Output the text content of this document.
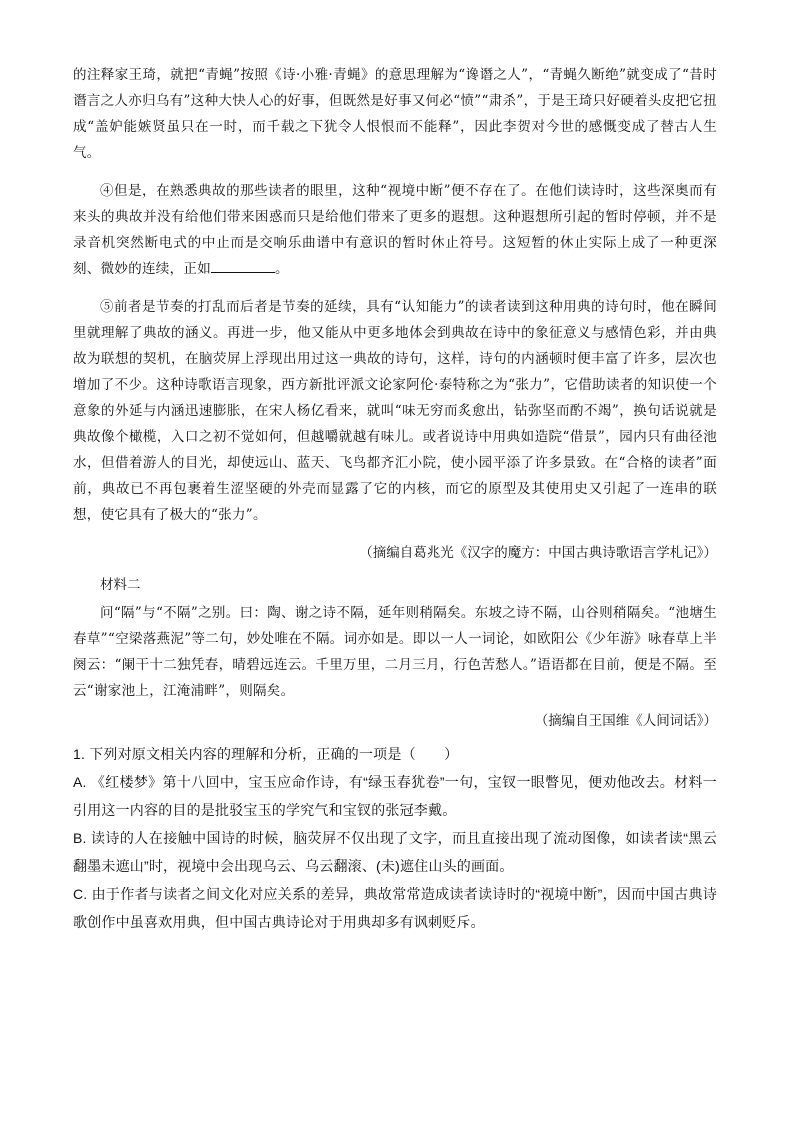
的注释家王琦，就把“青蝇”按照《诗·小雅·青蝇》的意思理解为“谗谮之人”，“青蝇久断绝”就变成了“昔时谮言之人亦归乌有”这种大快人心的好事，但既然是好事又何必“愤”“肃杀”，于是王琦只好硬着头皮把它扭成“盖妒能嫉贤虽只在一时，而千载之下犹令人恨恨而不能释”，因此李贺对今世的感慨变成了替古人生气。

④但是，在熟悉典故的那些读者的眼里，这种“视境中断”便不存在了。在他们读诗时，这些深奥而有来头的典故并没有给他们带来困惑而只是给他们带来了更多的遐想。这种遐想所引起的暂时停顿，并不是录音机突然断电式的中止而是交响乐曲谱中有意识的暂时休止符号。这短暂的休止实际上成了一种更深刻、微妙的连续，正如	。

⑤前者是节奏的打乱而后者是节奏的延续，具有“认知能力”的读者读到这种用典的诗句时，他在瞬间里就理解了典故的涵义。再进一步，他又能从中更多地体会到典故在诗中的象征意义与感情色彩，并由典故为联想的契机，在脑荧屏上浮现出用过这一典故的诗句，这样，诗句的内涵顿时便丰富了许多，层次也增加了不少。这种诗歌语言现象，西方新批评派文论家阿伦·泰特称之为“张力”，它借助读者的知识使一个意象的外延与内涵迅速膨胀，在宋人杨亿看来，就叫“味无穷而炙愈出，钻弥坚而酌不竭”，换句话说就是典故像个橄榄，入口之初不觉如何，但越嚼就越有味儿。或者说诗中用典如造院“借景”，园内只有曲径池水，但借着游人的目光，却使远山、蓝天、飞鸟都齐汇小院，使小园平添了许多景致。在“合格的读者”面前，典故已不再包裹着生涩坚硬的外壳而显露了它的内核，而它的原型及其使用史又引起了一连串的联想，使它具有了极大的“张力”。

（摘编自葛兆光《汉字的魔方：中国古典诗歌语言学札记》）

材料二

问“隔”与“不隔”之别。曰：陶、谢之诗不隔，延年则稍隔矣。东坡之诗不隔，山谷则稍隔矣。“池塘生春草”“空梁落燕泥”等二句，妙处唯在不隔。词亦如是。即以一人一词论，如欧阳公《少年游》咏春草上半阕云：“阑干十二独凭春，晴碧远连云。千里万里，二月三月，行色苦愁人。”语语都在目前，便是不隔。至云“谢家池上，江淹浦畔”，则隔矣。

（摘编自王国维《人间词话》）

1. 下列对原文相关内容的理解和分析，正确的一项是（　　）

A. 《红楼梦》第十八回中，宝玉应命作诗，有“绿玉春犹卷”一句，宝钗一眼瞥见，便劝他改去。材料一引用这一内容的目的是批驳宝玉的学究气和宝钗的张冠李戴。

B. 读诗的人在接触中国诗的时候，脑荧屏不仅出现了文字，而且直接出现了流动图像，如读者读“黑云翻墨未遮山”时，视境中会出现乌云、乌云翻滚、(未)遮住山头的画面。

C. 由于作者与读者之间文化对应关系的差异，典故常常造成读者读诗时的“视境中断”，因而中国古典诗歌创作中虽喜欢用典，但中国古典诗论对于用典却多有讽刺贬斥。
